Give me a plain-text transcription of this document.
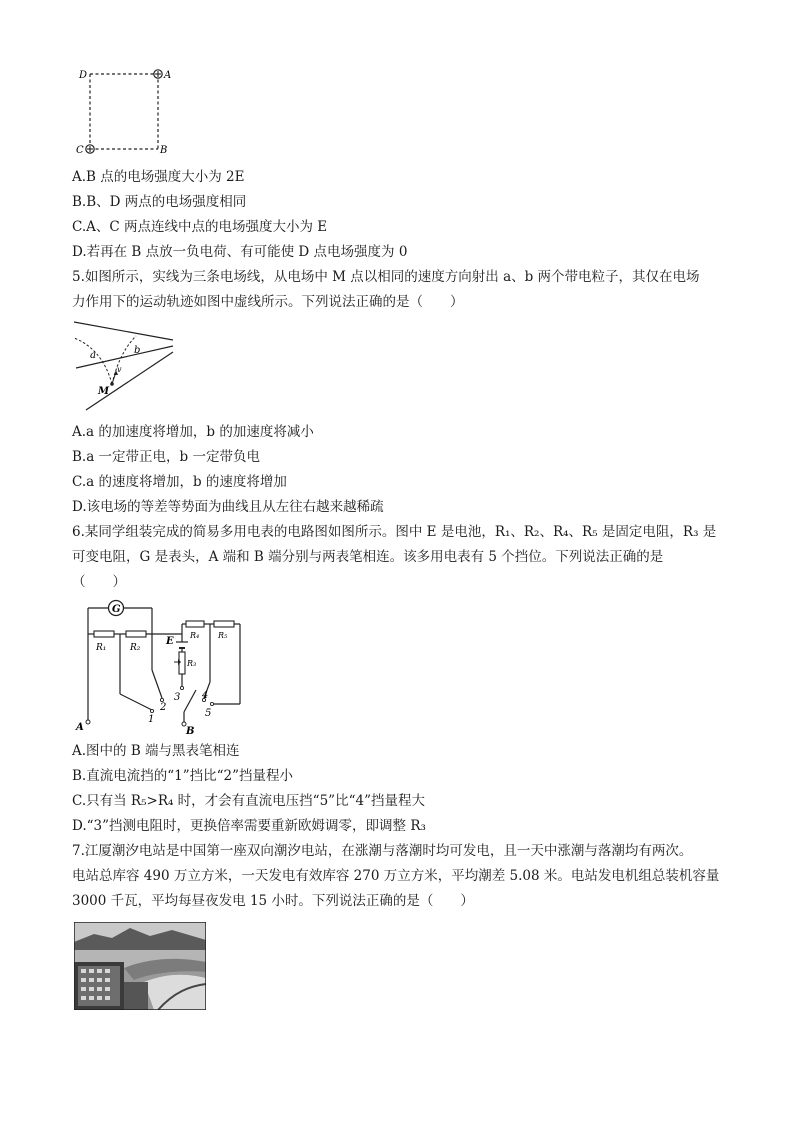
D	A
C	B
A.B 点的电场强度大小为 2E
B.B、D 两点的电场强度相同
C.A、C 两点连线中点的电场强度大小为 E
D.若再在 B 点放一负电荷、有可能使 D 点电场强度为 0
5.如图所示，实线为三条电场线，从电场中 M 点以相同的速度方向射出 a、b 两个带电粒子，其仅在电场
力作用下的运动轨迹如图中虚线所示。下列说法正确的是（　　）
a	b
v
M
A.a 的加速度将增加，b 的加速度将减小
B.a 一定带正电，b 一定带负电
C.a 的速度将增加，b 的速度将增加
D.该电场的等差等势面为曲线且从左往右越来越稀疏
6.某同学组装完成的简易多用电表的电路图如图所示。图中 E 是电池，R₁、R₂、R₄、R₅ 是固定电阻，R₃ 是
可变电阻，G 是表头，A 端和 B 端分别与两表笔相连。该多用电表有 5 个挡位。下列说法正确的是
（　　）
G
R₁	R₂
R₄ R₅
R₃
E
A	B
1
2
3 4
5
A.图中的 B 端与黑表笔相连
B.直流电流挡的“1”挡比“2”挡量程小
C.只有当 R₅>R₄ 时，才会有直流电压挡“5”比“4”挡量程大
D.“3”挡测电阻时，更换倍率需要重新欧姆调零，即调整 R₃
7.江厦潮汐电站是中国第一座双向潮汐电站，在涨潮与落潮时均可发电，且一天中涨潮与落潮均有两次。
电站总库容 490 万立方米，一天发电有效库容 270 万立方米，平均潮差 5.08 米。电站发电机组总装机容量
3000 千瓦，平均每昼夜发电 15 小时。下列说法正确的是（　　）
